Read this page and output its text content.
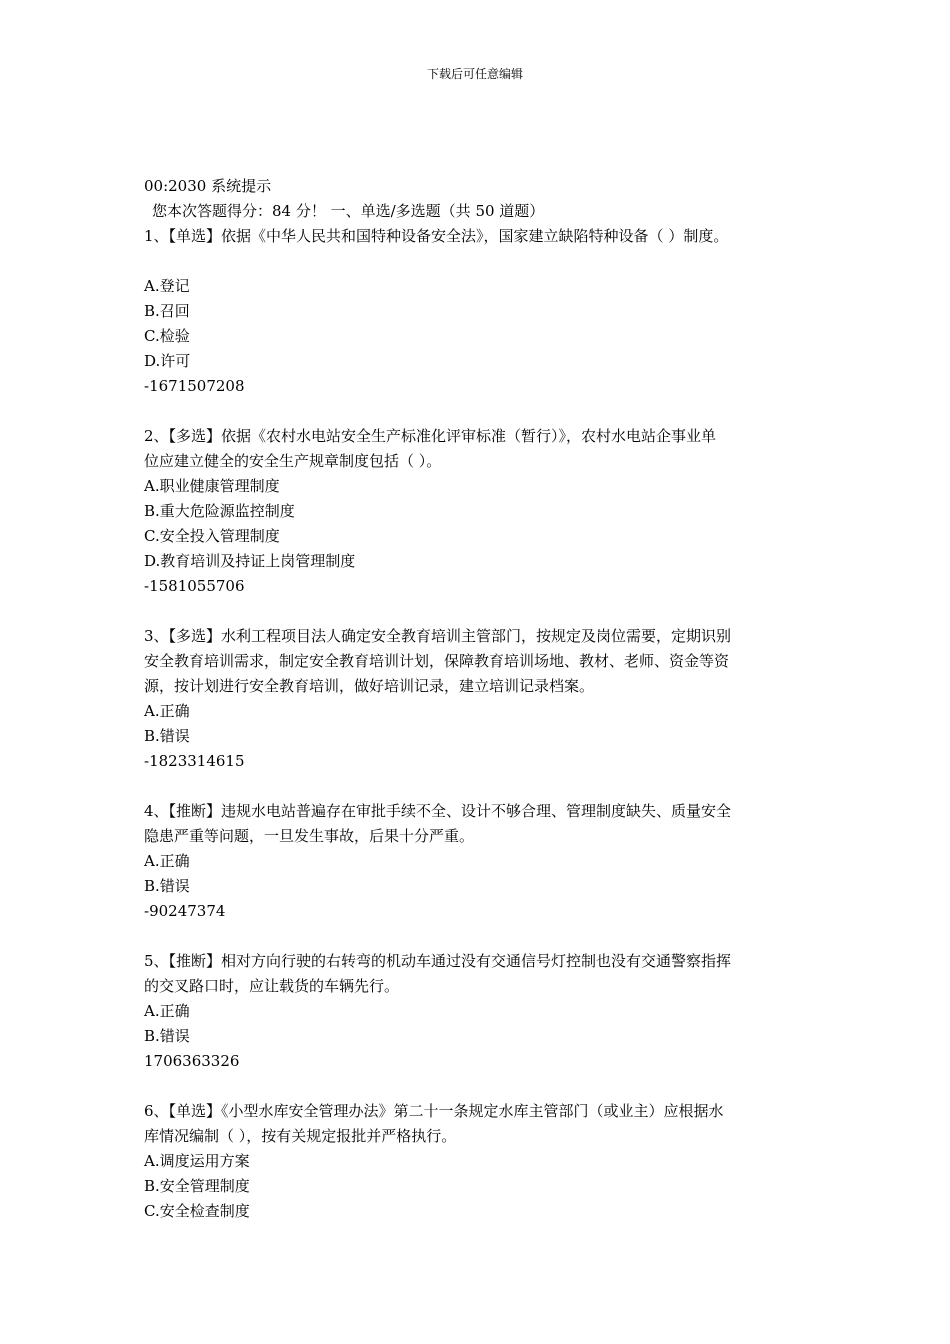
下载后可任意编辑
00:2030 系统提示
您本次答题得分：84 分！ 一、单选/多选题（共 50 道题）
1、【单选】依据《中华人民共和国特种设备安全法》，国家建立缺陷特种设备（ ）制度。
A.登记
B.召回
C.检验
D.许可
-1671507208
2、【多选】依据《农村水电站安全生产标准化评审标准（暂行）》，农村水电站企事业单
位应建立健全的安全生产规章制度包括（ ）。
A.职业健康管理制度
B.重大危险源监控制度
C.安全投入管理制度
D.教育培训及持证上岗管理制度
-1581055706
3、【多选】水利工程项目法人确定安全教育培训主管部门，按规定及岗位需要，定期识别
安全教育培训需求，制定安全教育培训计划，保障教育培训场地、教材、老师、资金等资
源，按计划进行安全教育培训，做好培训记录，建立培训记录档案。
A.正确
B.错误
-1823314615
4、【推断】违规水电站普遍存在审批手续不全、设计不够合理、管理制度缺失、质量安全
隐患严重等问题，一旦发生事故，后果十分严重。
A.正确
B.错误
-90247374
5、【推断】相对方向行驶的右转弯的机动车通过没有交通信号灯控制也没有交通警察指挥
的交叉路口时，应让载货的车辆先行。
A.正确
B.错误
1706363326
6、【单选】《小型水库安全管理办法》第二十一条规定水库主管部门（或业主）应根据水
库情况编制（ ），按有关规定报批并严格执行。
A.调度运用方案
B.安全管理制度
C.安全检查制度
